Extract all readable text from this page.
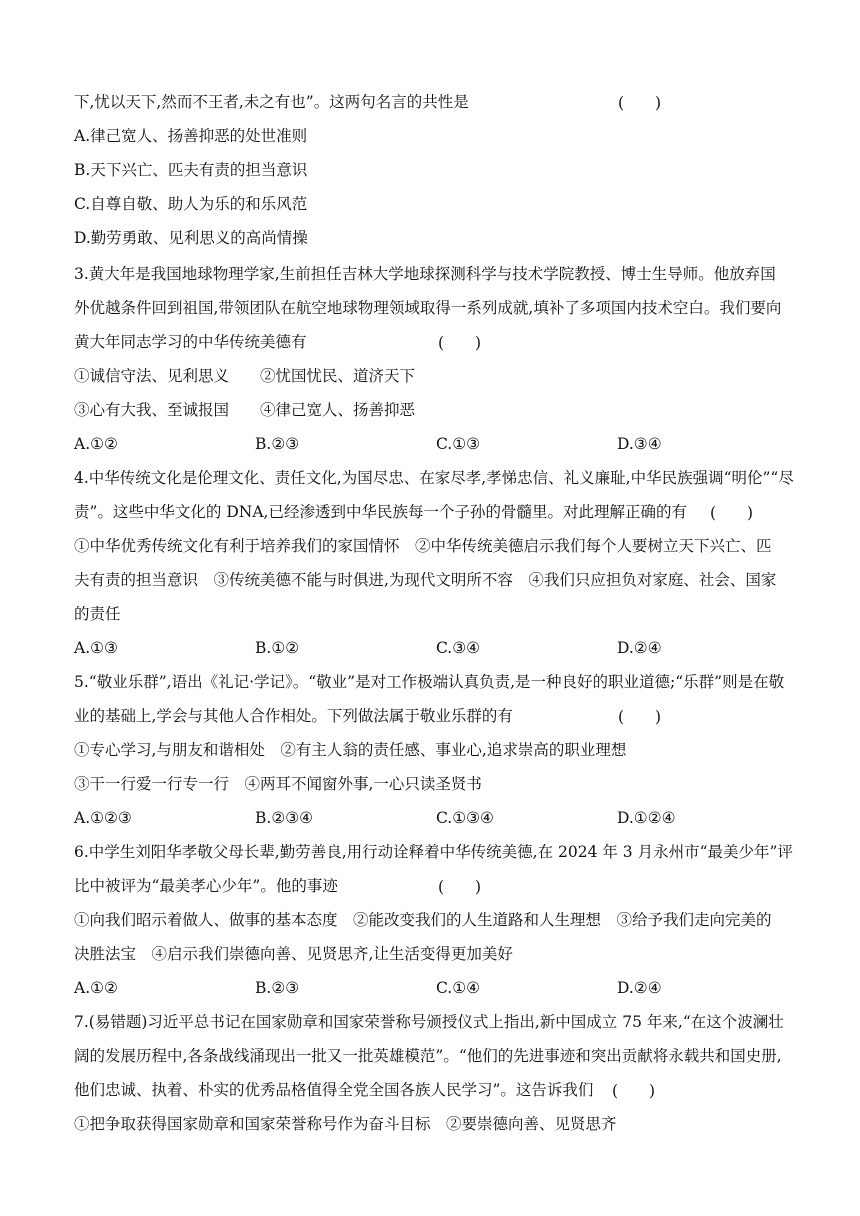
下,忧以天下,然而不王者,未之有也”。这两句名言的共性是	(　　)
A.律己宽人、扬善抑恶的处世准则
B.天下兴亡、匹夫有责的担当意识
C.自尊自敬、助人为乐的和乐风范
D.勤劳勇敢、见利思义的高尚情操
3.黄大年是我国地球物理学家,生前担任吉林大学地球探测科学与技术学院教授、博士生导师。他放弃国
外优越条件回到祖国,带领团队在航空地球物理领域取得一系列成就,填补了多项国内技术空白。我们要向
黄大年同志学习的中华传统美德有	(　　)
①诚信守法、见利思义　　②忧国忧民、道济天下
③心有大我、至诚报国　　④律己宽人、扬善抑恶
A.①②	B.②③	C.①③	D.③④
4.中华传统文化是伦理文化、责任文化,为国尽忠、在家尽孝,孝悌忠信、礼义廉耻,中华民族强调“明伦”“尽
责”。这些中华文化的 DNA,已经渗透到中华民族每一个子孙的骨髓里。对此理解正确的有	(　　)
①中华优秀传统文化有利于培养我们的家国情怀　②中华传统美德启示我们每个人要树立天下兴亡、匹
夫有责的担当意识　③传统美德不能与时俱进,为现代文明所不容　④我们只应担负对家庭、社会、国家
的责任
A.①③	B.①②	C.③④	D.②④
5.“敬业乐群”,语出《礼记·学记》。“敬业”是对工作极端认真负责,是一种良好的职业道德;“乐群”则是在敬
业的基础上,学会与其他人合作相处。下列做法属于敬业乐群的有	(　　)
①专心学习,与朋友和谐相处　②有主人翁的责任感、事业心,追求崇高的职业理想
③干一行爱一行专一行　④两耳不闻窗外事,一心只读圣贤书
A.①②③	B.②③④	C.①③④	D.①②④
6.中学生刘阳华孝敬父母长辈,勤劳善良,用行动诠释着中华传统美德,在 2024 年 3 月永州市“最美少年”评
比中被评为“最美孝心少年”。他的事迹	(　　)
①向我们昭示着做人、做事的基本态度　②能改变我们的人生道路和人生理想　③给予我们走向完美的
决胜法宝　④启示我们崇德向善、见贤思齐,让生活变得更加美好
A.①②	B.②③	C.①④	D.②④
7.(易错题)习近平总书记在国家勋章和国家荣誉称号颁授仪式上指出,新中国成立 75 年来,“在这个波澜壮
阔的发展历程中,各条战线涌现出一批又一批英雄模范”。“他们的先进事迹和突出贡献将永载共和国史册,
他们忠诚、执着、朴实的优秀品格值得全党全国各族人民学习”。这告诉我们	(　　)
①把争取获得国家勋章和国家荣誉称号作为奋斗目标　②要崇德向善、见贤思齐
